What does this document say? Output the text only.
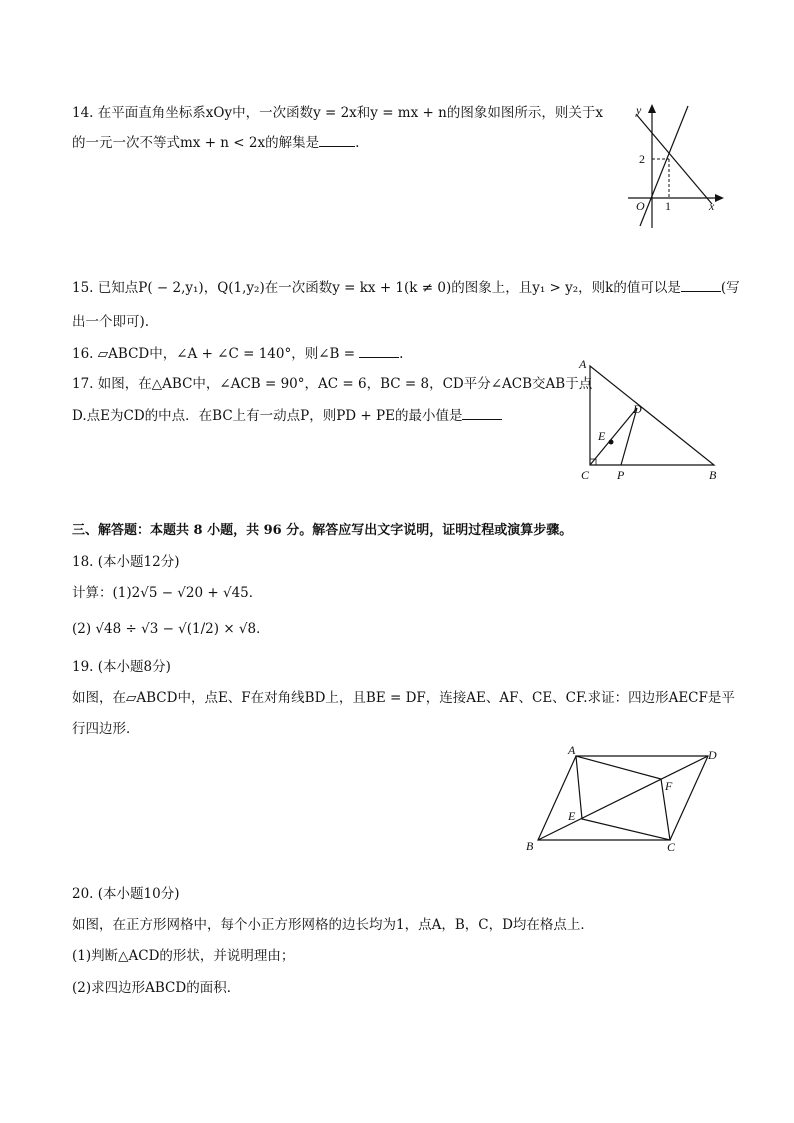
14. 在平面直角坐标系xOy中，一次函数y = 2x和y = mx + n的图象如图所示，则关于x
的一元一次不等式mx + n < 2x的解集是	.
y
2
O 1	x
15. 已知点P( − 2,y₁)，Q(1,y₂)在一次函数y = kx + 1(k ≠ 0)的图象上，且y₁ > y₂，则k的值可以是	(写
出一个即可).
16. ▱ABCD中，∠A + ∠C = 140°，则∠B =	.
17. 如图，在△ABC中，∠ACB = 90°，AC = 6，BC = 8，CD平分∠ACB交AB于点
D.点E为CD的中点．在BC上有一动点P，则PD + PE的最小值是
A
D
E
C P	B
三、解答题：本题共 8 小题，共 96 分。解答应写出文字说明，证明过程或演算步骤。
18. (本小题12分)
计算：(1)2√5 − √20 + √45．
(2) √48 ÷ √3 − √(1/2) × √8．
19. (本小题8分)
如图，在▱ABCD中，点E、F在对角线BD上，且BE = DF，连接AE、AF、CE、CF.求证：四边形AECF是平
行四边形．
A	D
F
E
B	C
20. (本小题10分)
如图，在正方形网格中，每个小正方形网格的边长均为1，点A，B，C，D均在格点上．
(1)判断△ACD的形状，并说明理由；
(2)求四边形ABCD的面积．
